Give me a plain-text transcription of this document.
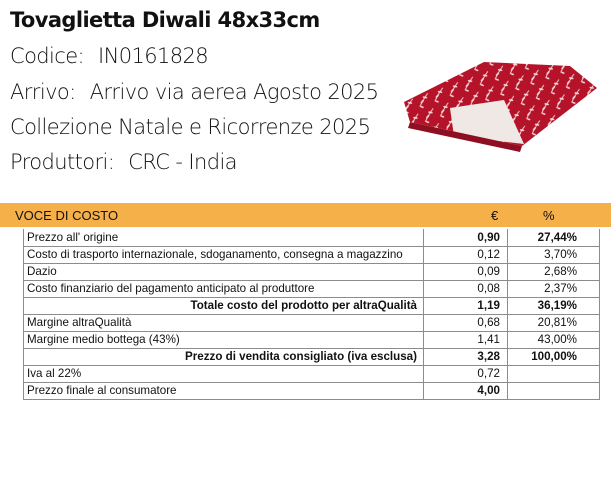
Tovaglietta Diwali 48x33cm
Codice: IN0161828
Arrivo: Arrivo via aerea Agosto 2025
Collezione Natale e Ricorrenze 2025
Produttori: CRC - India
VOCE DI COSTO	€	%
Prezzo all' origine	0,90	27,44%
Costo di trasporto internazionale, sdoganamento, consegna a magazzino	0,12	3,70%
Dazio	0,09	2,68%
Costo finanziario del pagamento anticipato al produttore	0,08	2,37%
Totale costo del prodotto per altraQualità	1,19	36,19%
Margine altraQualità	0,68	20,81%
Margine medio bottega (43%)	1,41	43,00%
Prezzo di vendita consigliato (iva esclusa)	3,28	100,00%
Iva al 22%	0,72	
Prezzo finale al consumatore	4,00	
